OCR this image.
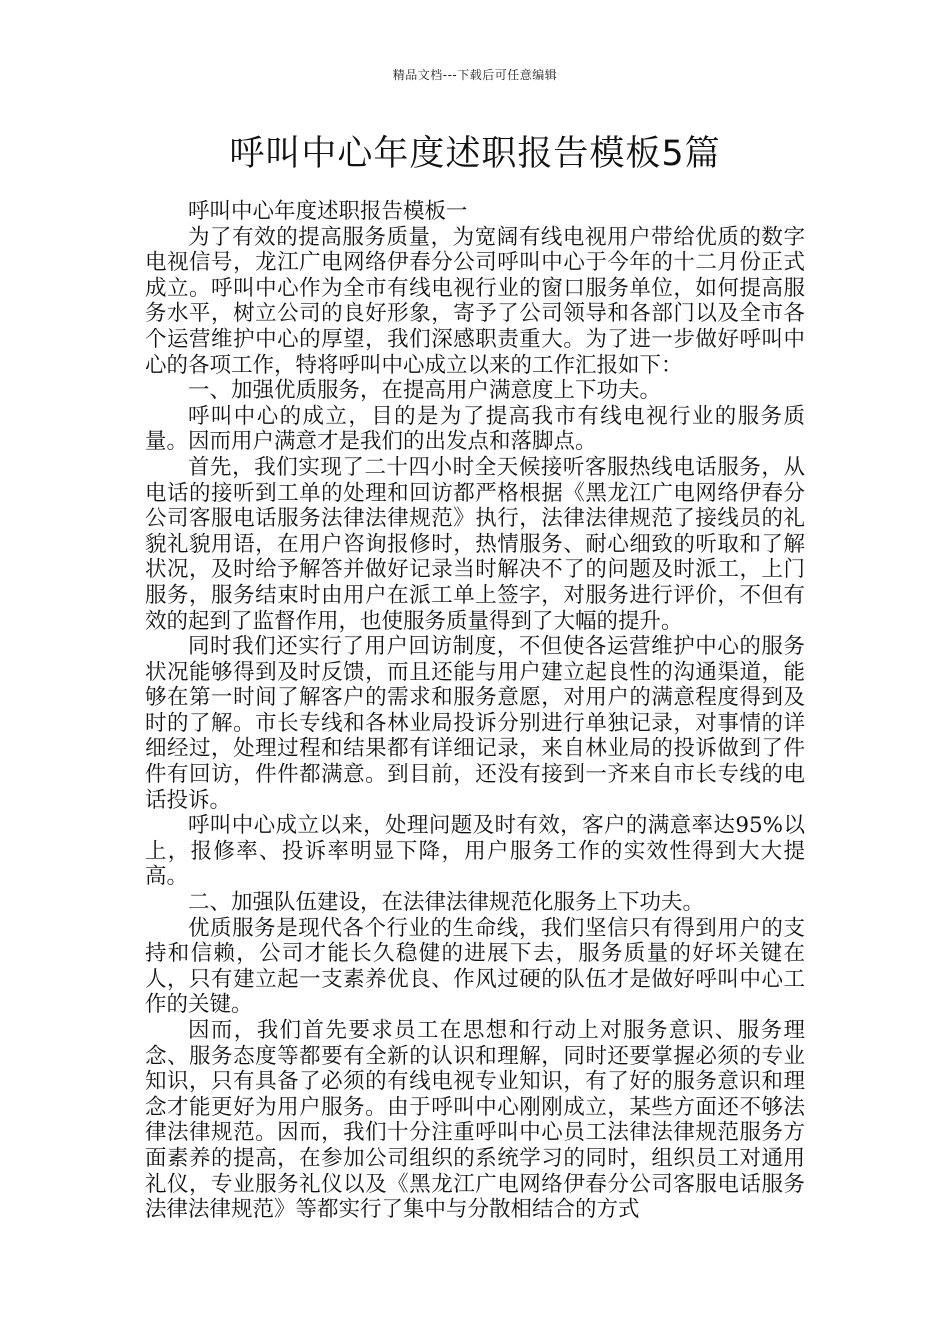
精品文档---下载后可任意编辑
呼叫中心年度述职报告模板5篇

呼叫中心年度述职报告模板一

为了有效的提高服务质量，为宽阔有线电视用户带给优质的数字电视信号，龙江广电网络伊春分公司呼叫中心于今年的十二月份正式成立。呼叫中心作为全市有线电视行业的窗口服务单位，如何提高服务水平，树立公司的良好形象，寄予了公司领导和各部门以及全市各个运营维护中心的厚望，我们深感职责重大。为了进一步做好呼叫中心的各项工作，特将呼叫中心成立以来的工作汇报如下：

一、加强优质服务，在提高用户满意度上下功夫。

呼叫中心的成立，目的是为了提高我市有线电视行业的服务质量。因而用户满意才是我们的出发点和落脚点。

首先，我们实现了二十四小时全天候接听客服热线电话服务，从电话的接听到工单的处理和回访都严格根据《黑龙江广电网络伊春分公司客服电话服务法律法律规范》执行，法律法律规范了接线员的礼貌礼貌用语，在用户咨询报修时，热情服务、耐心细致的听取和了解状况，及时给予解答并做好记录当时解决不了的问题及时派工，上门服务，服务结束时由用户在派工单上签字，对服务进行评价，不但有效的起到了监督作用，也使服务质量得到了大幅的提升。

同时我们还实行了用户回访制度，不但使各运营维护中心的服务状况能够得到及时反馈，而且还能与用户建立起良性的沟通渠道，能够在第一时间了解客户的需求和服务意愿，对用户的满意程度得到及时的了解。市长专线和各林业局投诉分别进行单独记录，对事情的详细经过，处理过程和结果都有详细记录，来自林业局的投诉做到了件件有回访，件件都满意。到目前，还没有接到一齐来自市长专线的电话投诉。

呼叫中心成立以来，处理问题及时有效，客户的满意率达95%以上，报修率、投诉率明显下降，用户服务工作的实效性得到大大提高。

二、加强队伍建设，在法律法律规范化服务上下功夫。

优质服务是现代各个行业的生命线，我们坚信只有得到用户的支持和信赖，公司才能长久稳健的进展下去，服务质量的好坏关键在人，只有建立起一支素养优良、作风过硬的队伍才是做好呼叫中心工作的关键。

因而，我们首先要求员工在思想和行动上对服务意识、服务理念、服务态度等都要有全新的认识和理解，同时还要掌握必须的专业知识，只有具备了必须的有线电视专业知识，有了好的服务意识和理念才能更好为用户服务。由于呼叫中心刚刚成立，某些方面还不够法律法律规范。因而，我们十分注重呼叫中心员工法律法律规范服务方面素养的提高，在参加公司组织的系统学习的同时，组织员工对通用礼仪，专业服务礼仪以及《黑龙江广电网络伊春分公司客服电话服务法律法律规范》等都实行了集中与分散相结合的方式
